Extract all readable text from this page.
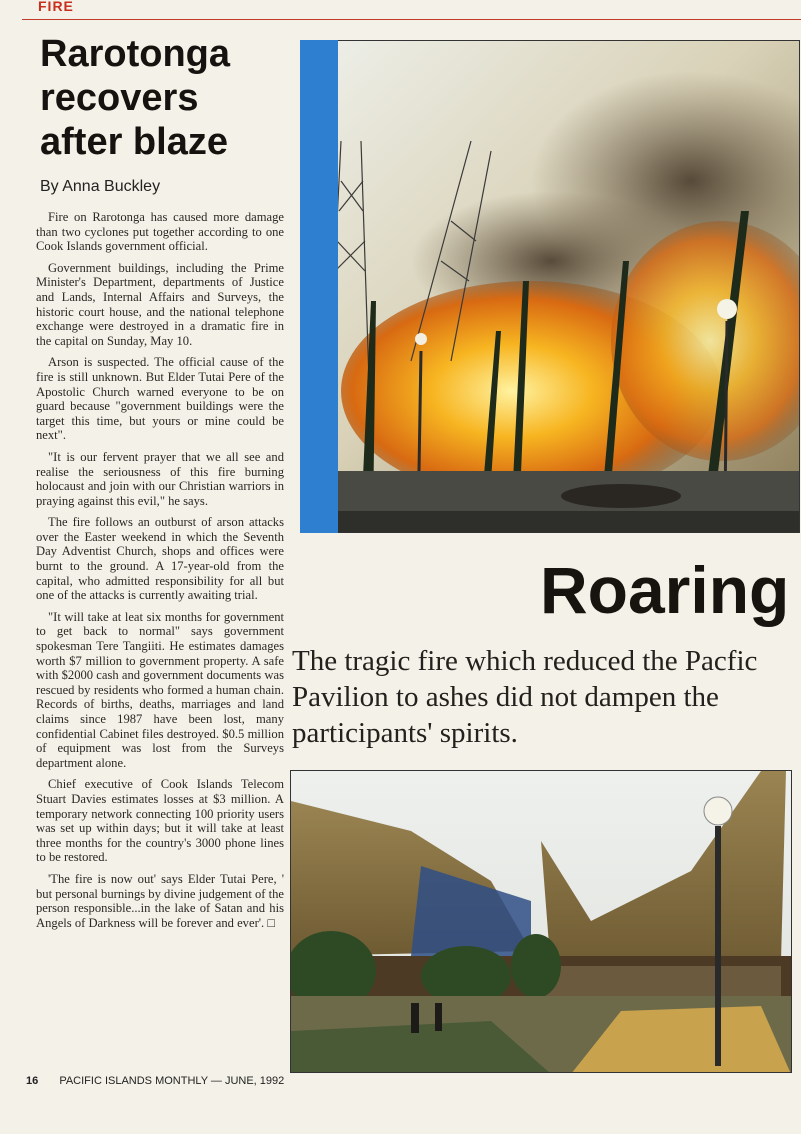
FIRE
Rarotonga recovers after blaze
By Anna Buckley

Fire on Rarotonga has caused more damage than two cyclones put together according to one Cook Islands government official.

Government buildings, including the Prime Minister's Department, departments of Justice and Lands, Internal Affairs and Surveys, the historic court house, and the national telephone exchange were destroyed in a dramatic fire in the capital on Sunday, May 10.

Arson is suspected. The official cause of the fire is still unknown. But Elder Tutai Pere of the Apostolic Church warned everyone to be on guard because "government buildings were the target this time, but yours or mine could be next".

"It is our fervent prayer that we all see and realise the seriousness of this fire burning holocaust and join with our Christian warriors in praying against this evil," he says.

The fire follows an outburst of arson attacks over the Easter weekend in which the Seventh Day Adventist Church, shops and offices were burnt to the ground. A 17-year-old from the capital, who admitted responsibility for all but one of the attacks is currently awaiting trial.

"It will take at leat six months for government to get back to normal" says government spokesman Tere Tangiiti. He estimates damages worth $7 million to government property. A safe with $2000 cash and government documents was rescued by residents who formed a human chain. Records of births, deaths, marriages and land claims since 1987 have been lost, many confidential Cabinet files destroyed. $0.5 million of equipment was lost from the Surveys department alone.

Chief executive of Cook Islands Telecom Stuart Davies estimates losses at $3 million. A temporary network connecting 100 priority users was set up within days; but it will take at least three months for the country's 3000 phone lines to be restored.

'The fire is now out' says Elder Tutai Pere, ' but personal burnings by divine judgement of the person responsible...in the lake of Satan and his Angels of Darkness will be forever and ever'. □

Roaring

The tragic fire which reduced the Pacfic Pavilion to ashes did not dampen the participants' spirits.

16 PACIFIC ISLANDS MONTHLY — JUNE, 1992
